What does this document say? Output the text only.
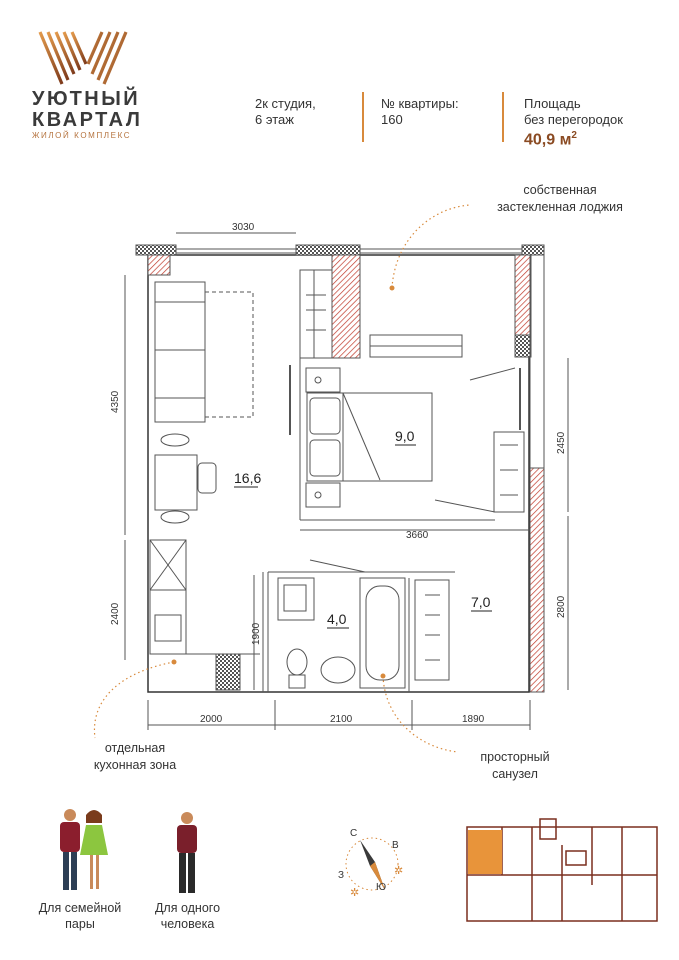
УЮТНЫЙ
КВАРТАЛ
ЖИЛОЙ КОМПЛЕКС
2к студия,
6 этаж
№ квартиры:
160
Площадь
без перегородок
40,9 $м^2$
собственная
застекленная лоджия
отдельная
кухонная зона
просторный
санузел
3030
4350
2400
1900
2450
2800
3660
2000	2100	1890
16,6
9,0
4,0
7,0
Для семейной
пары
Для одного
человека
С
В
З
Ю
✲
✲
